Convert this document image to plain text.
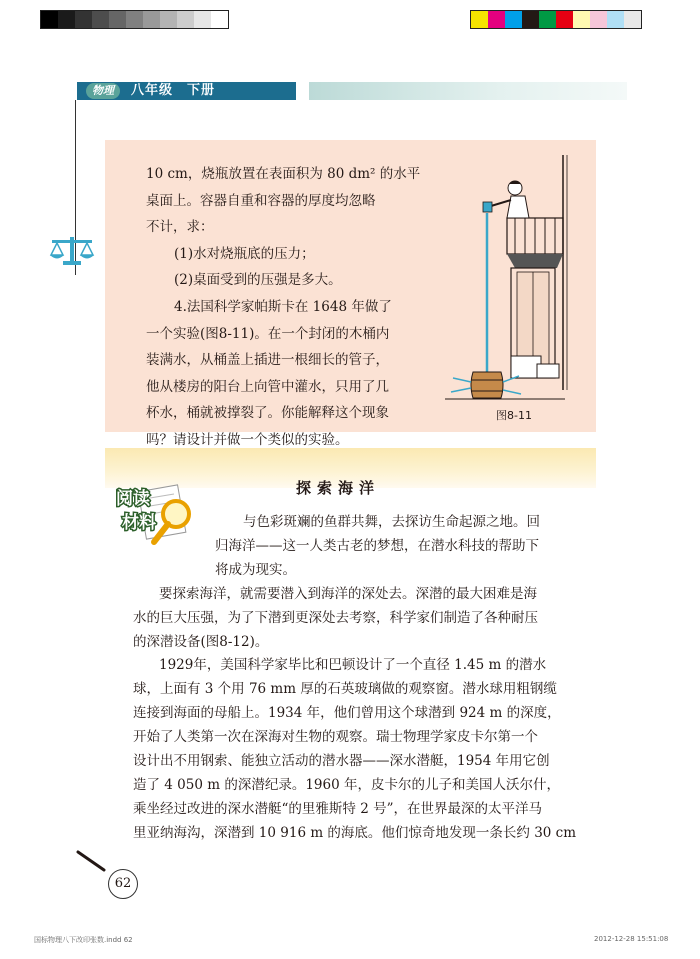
物理	八年级　下册
10 cm，烧瓶放置在表面积为 80 dm² 的水平
桌面上。容器自重和容器的厚度均忽略
不计，求：
(1)水对烧瓶底的压力；
(2)桌面受到的压强是多大。
4.法国科学家帕斯卡在 1648 年做了
一个实验(图8-11)。在一个封闭的木桶内
装满水，从桶盖上插进一根细长的管子，
他从楼房的阳台上向管中灌水，只用了几
杯水，桶就被撑裂了。你能解释这个现象
吗？请设计并做一个类似的实验。
图8-11
阅读
材料
探索海洋
与色彩斑斓的鱼群共舞，去探访生命起源之地。回
归海洋——这一人类古老的梦想，在潜水科技的帮助下
将成为现实。
要探索海洋，就需要潜入到海洋的深处去。深潜的最大困难是海
水的巨大压强，为了下潜到更深处去考察，科学家们制造了各种耐压
的深潜设备(图8-12)。
1929年，美国科学家毕比和巴顿设计了一个直径 1.45 m 的潜水
球，上面有 3 个用 76 mm 厚的石英玻璃做的观察窗。潜水球用粗钢缆
连接到海面的母船上。1934 年，他们曾用这个球潜到 924 m 的深度，
开始了人类第一次在深海对生物的观察。瑞士物理学家皮卡尔第一个
设计出不用钢索、能独立活动的潜水器——深水潜艇，1954 年用它创
造了 4 050 m 的深潜纪录。1960 年，皮卡尔的儿子和美国人沃尔什，
乘坐经过改进的深水潜艇“的里雅斯特 2 号”，在世界最深的太平洋马
里亚纳海沟，深潜到 10 916 m 的海底。他们惊奇地发现一条长约 30 cm
62
国标物理八下改印张数.indd 62	2012-12-28 15:51:08
